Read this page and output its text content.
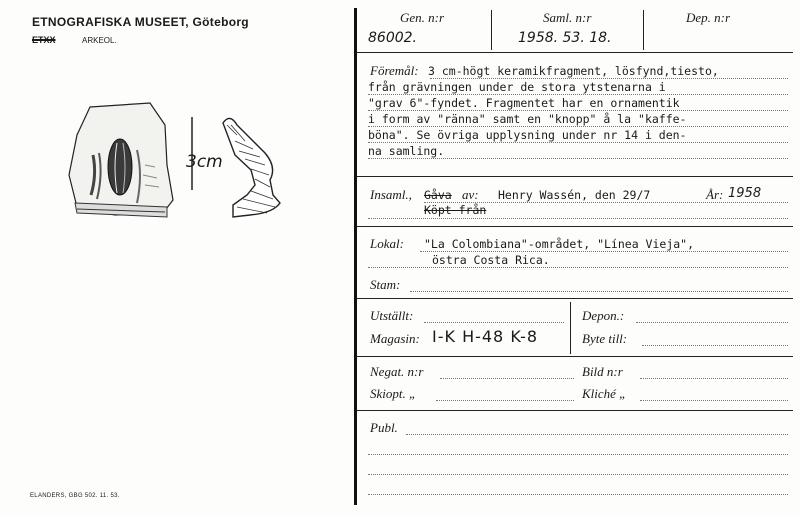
ETNOGRAFISKA MUSEET, Göteborg
ETXX	ARKEOL.
3cm
ELANDERS, GBG 502. 11. 53.
Gen. n:r
86002.
Saml. n:r
1958. 53. 18.
Dep. n:r
Föremål: 3 cm-högt keramikfragment, lösfynd,tiesto,
från grävningen under de stora ytstenarna i
"grav 6"-fyndet. Fragmentet har en ornamentik
i form av "ränna" samt en "knopp" å la "kaffe-
böna". Se övriga upplysning under nr 14 i den-
na samling.
Insaml., Gåva av: Henry Wassén, den 29/7	År: 1958
Köpt från
Lokal: "La Colombiana"-området, "Línea Vieja",
östra Costa Rica.
Stam:
Utställt:	Depon.:
Magasin: I-K H-48 K-8	Byte till:
Negat. n:r	Bild n:r
Skiopt. „	Kliché „
Publ.
